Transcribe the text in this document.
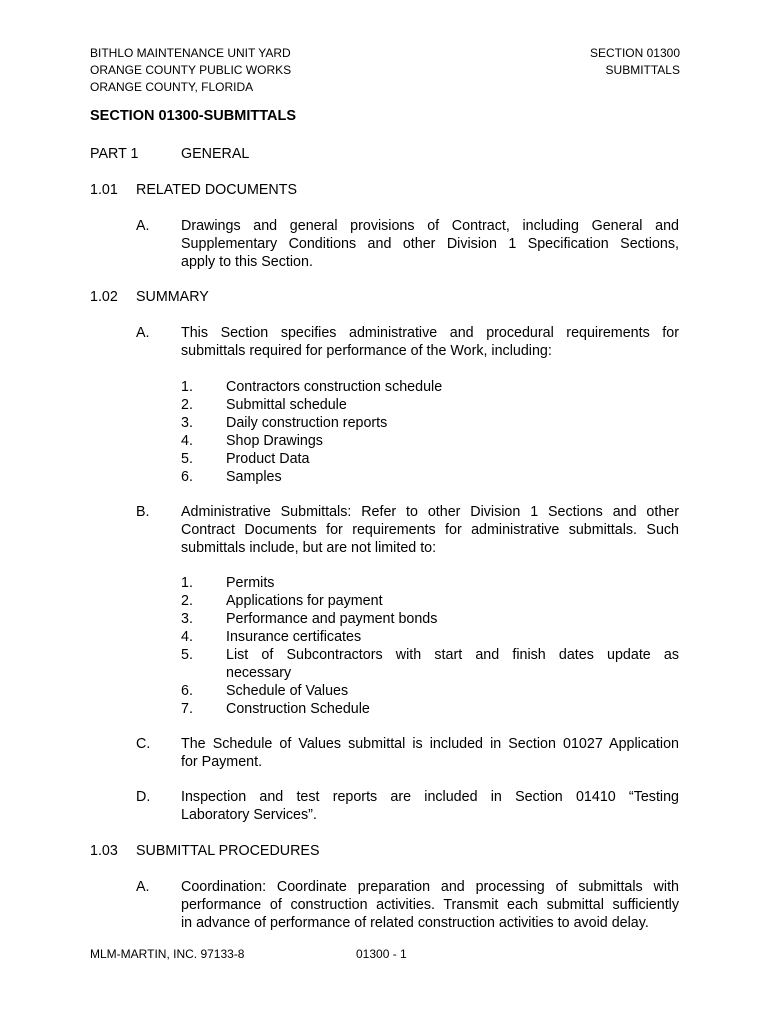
BITHLO MAINTENANCE UNIT YARD
ORANGE COUNTY PUBLIC WORKS
ORANGE COUNTY, FLORIDA
SECTION 01300
SUBMITTALS
SECTION 01300-SUBMITTALS
PART 1	GENERAL
1.01 RELATED DOCUMENTS
A. Drawings and general provisions of Contract, including General and
Supplementary Conditions and other Division 1 Specification Sections,
apply to this Section.
1.02 SUMMARY
A. This Section specifies administrative and procedural requirements for
submittals required for performance of the Work, including:
1. Contractors construction schedule
2. Submittal schedule
3. Daily construction reports
4. Shop Drawings
5. Product Data
6. Samples
B. Administrative Submittals: Refer to other Division 1 Sections and other
Contract Documents for requirements for administrative submittals. Such
submittals include, but are not limited to:
1. Permits
2. Applications for payment
3. Performance and payment bonds
4. Insurance certificates
5. List of Subcontractors with start and finish dates update as
necessary
6. Schedule of Values
7. Construction Schedule
C. The Schedule of Values submittal is included in Section 01027 Application
for Payment.
D. Inspection and test reports are included in Section 01410 “Testing
Laboratory Services”.
1.03 SUBMITTAL PROCEDURES
A. Coordination: Coordinate preparation and processing of submittals with
performance of construction activities. Transmit each submittal sufficiently
in advance of performance of related construction activities to avoid delay.
MLM-MARTIN, INC. 97133-8	01300 - 1
